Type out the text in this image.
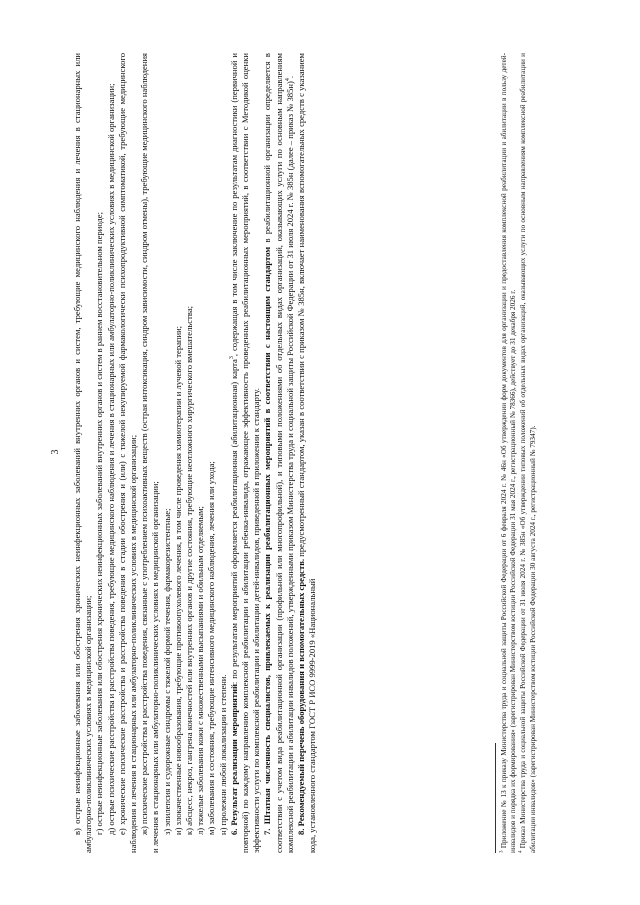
3 в) острые неинфекционные заболевания или обострения хронических неинфекционных заболеваний внутренних органов и систем, требующие медицинского наблюдения и лечения в стационарных или амбулаторно-поликлинических условиях в медицинской организации; г) острые неинфекционные заболевания или обострения хронических неинфекционных заболеваний внутренних органов и систем в раннем восстановительном периоде; д) острые психические расстройства и расстройства поведения, требующие медицинского наблюдения и лечения в стационарных или амбулаторно-поликлинических условиях в медицинской организации; е) хронические психические расстройства и расстройства поведения в стадии обострения и (или) с тяжелой некупируемой фармакологически психопродуктивной симптоматикой, требующие медицинского наблюдения и лечения в стационарных или амбулаторно-поликлинических условиях в медицинской организации; ж) психические расстройства и расстройства поведения, связанные с употреблением психоактивных веществ (острая интоксикация, синдром зависимости, синдром отмены), требующие медицинского наблюдения и лечения в стационарных или амбулаторно-поликлинических условиях в медицинской организации; з) эпилепсия и судорожные синдромы с тяжелой формой течения, фармакорезистентные; и) злокачественные новообразования, требующие противоопухолевого лечения, в том числе проведения химиотерапии и лучевой терапии; к) абсцесс, некроз, гангрена конечностей или внутренних органов и другие состояния, требующие неотложного хирургического вмешательства; л) тяжелые заболевания кожи с множественными высыпаниями и обильным отделяемым; м) заболевания и состояния, требующие интенсивного медицинского наблюдения, лечения или ухода; н) пролежни любой локализации и степени. 6. Результат реализации мероприятий: по результатам мероприятий оформляется реабилитационная (абилитационная) карта$^3$, содержащая в том числе заключение по результатам диагностики (первичной и повторной) по каждому направлению комплексной реабилитации и абилитации ребенка-инвалида, отражающее эффективность проведенных реабилитационных мероприятий, в соответствии с Методикой оценки эффективности услуги по комплексной реабилитации и абилитации детей-инвалидов, приведенной в приложении к стандарту. 7. Штатная численность специалистов, привлекаемых к реализации реабилитационных мероприятий в соответствии с настоящим стандартом в реабилитационной организации определяется в соответствии с учетом вида реабилитационной организации (профильной или многопрофильной), и типовыми положениями об отдельных видах организаций, оказывающих услуги по основным направлениям комплексной реабилитации и абилитации инвалидов положений, утвержденными приказом Министерства труда и социальной защиты Российской Федерации от 31 июля 2024 г. № 385н (далее – приказ № 385н)$^4$.

8. Рекомендуемый перечень оборудования и вспомогательных средств. предусмотренный стандартом, указан в соответствии с приказом № 385н, включает наименования вспомогательных средств с указанием кода, установленного стандартом ГОСТ Р ИСО 9999-2019 «Национальный	$^3$ Приложение № 13 к приказу Министерства труда и социальной защиты Российской Федерации от 6 февраля 2024 г. № 46н «Об утверждении форм документов для организации и предоставления комплексной реабилитации и абилитации в пользу детей-инвалидов и порядка их формирования» (зарегистрирован Министерством юстиции Российской Федерации 31 мая 2024 г., регистрационный № 78366), действует до 31 декабря 2026 г. $^4$ Приказ Министерства труда и социальной защиты Российской Федерации от 31 июля 2024 г. № 385н «Об утверждении типовых положений об отдельных видах организаций, оказывающих услуги по основным направлениям комплексной реабилитации и абилитации инвалидов» (зарегистрирован Министерством юстиции Российской Федерации 30 августа 2024 г., регистрационный № 79347).
